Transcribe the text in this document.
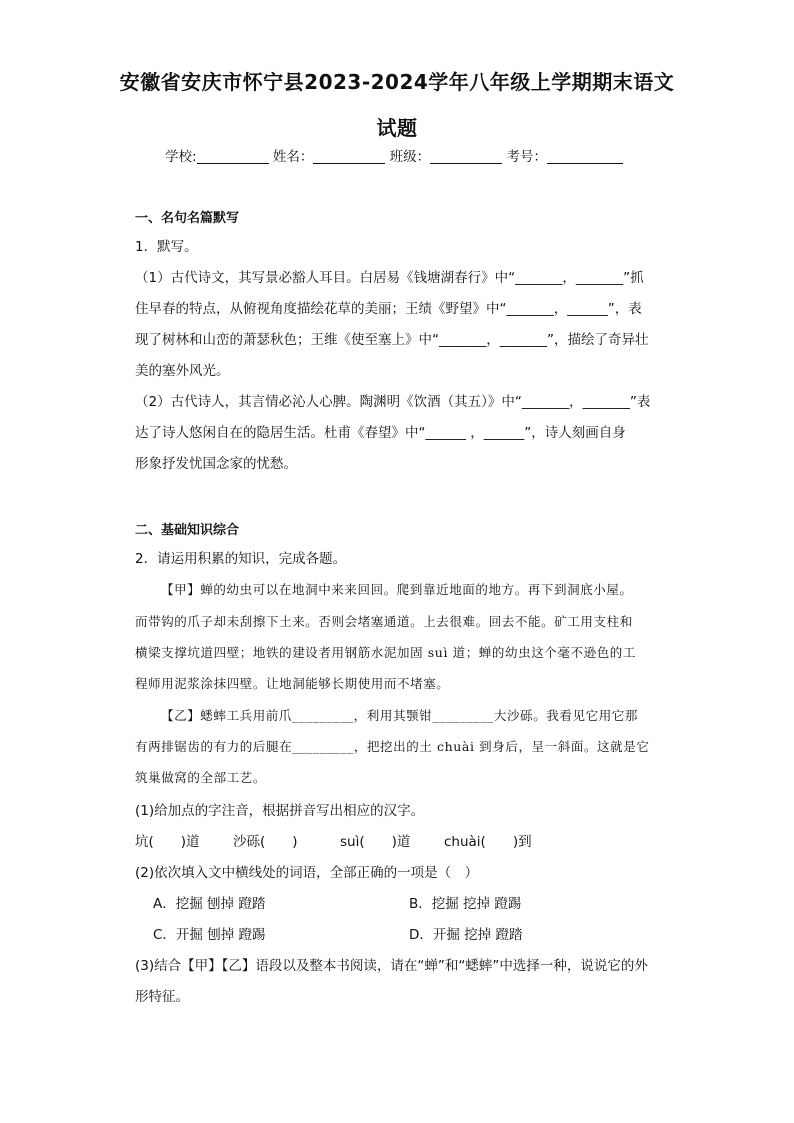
安徽省安庆市怀宁县2023-2024学年八年级上学期期末语文
试题
学校:	姓名：	班级：	考号：
一、名句名篇默写
1．默写。
（1）古代诗文，其写景必豁人耳目。白居易《钱塘湖春行》中“_______，_______”抓
住早春的特点，从俯视角度描绘花草的美丽；王绩《野望》中“_______，______”，表
现了树林和山峦的萧瑟秋色；王维《使至塞上》中“_______，_______”，描绘了奇异壮
美的塞外风光。
（2）古代诗人，其言情必沁人心脾。陶渊明《饮酒（其五）》中“_______，_______”表
达了诗人悠闲自在的隐居生活。杜甫《春望》中“______ ，______”，诗人刻画自身
形象抒发忧国念家的忧愁。
二、基础知识综合
2．请运用积累的知识，完成各题。
【甲】蝉的幼虫可以在地洞中来来回回。爬到靠近地面的地方。再下到洞底小屋。
而带钩的爪子却未刮擦下土来。否则会堵塞通道。上去很难。回去不能。矿工用支柱和
横梁支撑坑道四壁；地铁的建设者用钢筋水泥加固 suì 道；蝉的幼虫这个毫不逊色的工
程师用泥浆涂抹四壁。让地洞能够长期使用而不堵塞。
【乙】蟋蟀工兵用前爪_________，利用其颚钳_________大沙砾。我看见它用它那
有两排锯齿的有力的后腿在_________，把挖出的土 chuài 到身后，呈一斜面。这就是它
筑巢做窝的全部工艺。
(1)给加点的字注音，根据拼音写出相应的汉字。
坑(　　)道 沙砾(　　)	suì(　　)道 chuài(　　)到
(2)依次填入文中横线处的词语，全部正确的一项是（　）
A．挖掘 刨掉 蹬踏	B．挖掘 挖掉 蹬踢
C．开掘 刨掉 蹬踢	D．开掘 挖掉 蹬踏
(3)结合【甲】【乙】语段以及整本书阅读，请在“蝉”和“蟋蟀”中选择一种，说说它的外
形特征。
